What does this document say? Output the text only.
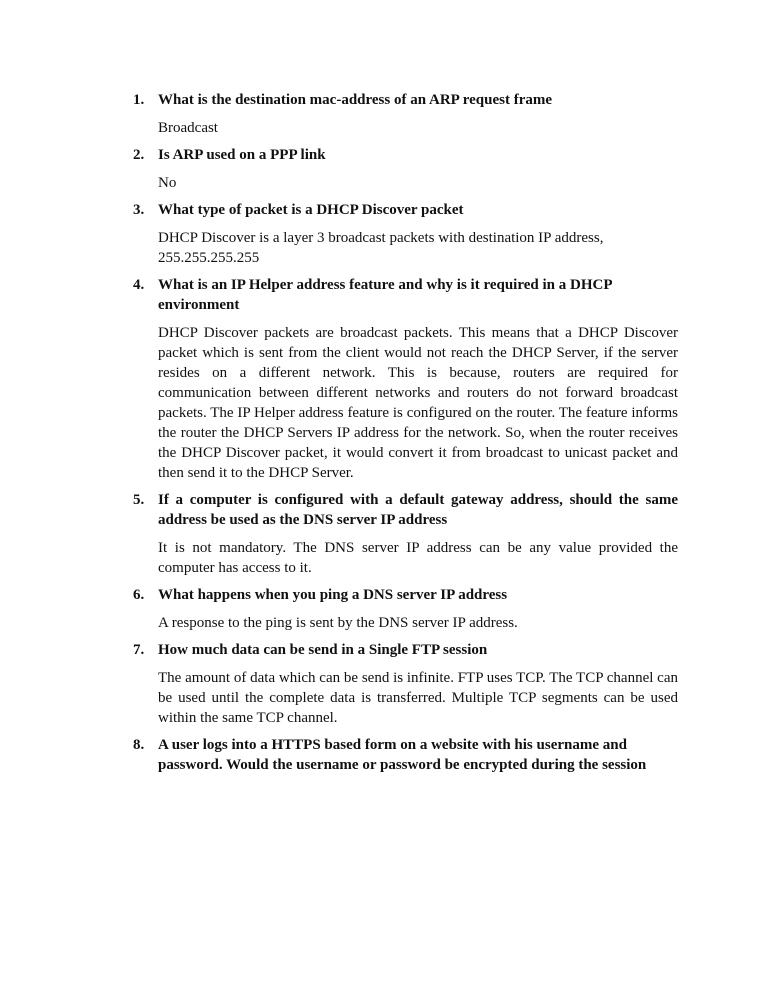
1. What is the destination mac-address of an ARP request frame
Broadcast
2. Is ARP used on a PPP link
No
3. What type of packet is a DHCP Discover packet
DHCP Discover is a layer 3 broadcast packets with destination IP address, 255.255.255.255
4. What is an IP Helper address feature and why is it required in a DHCP environment
DHCP Discover packets are broadcast packets. This means that a DHCP Discover packet which is sent from the client would not reach the DHCP Server, if the server resides on a different network. This is because, routers are required for communication between different networks and routers do not forward broadcast packets. The IP Helper address feature is configured on the router. The feature informs the router the DHCP Servers IP address for the network. So, when the router receives the DHCP Discover packet, it would convert it from broadcast to unicast packet and then send it to the DHCP Server.
5. If a computer is configured with a default gateway address, should the same address be used as the DNS server IP address
It is not mandatory. The DNS server IP address can be any value provided the computer has access to it.
6. What happens when you ping a DNS server IP address
A response to the ping is sent by the DNS server IP address.
7. How much data can be send in a Single FTP session
The amount of data which can be send is infinite. FTP uses TCP. The TCP channel can be used until the complete data is transferred. Multiple TCP segments can be used within the same TCP channel.
8. A user logs into a HTTPS based form on a website with his username and password. Would the username or password be encrypted during the session
